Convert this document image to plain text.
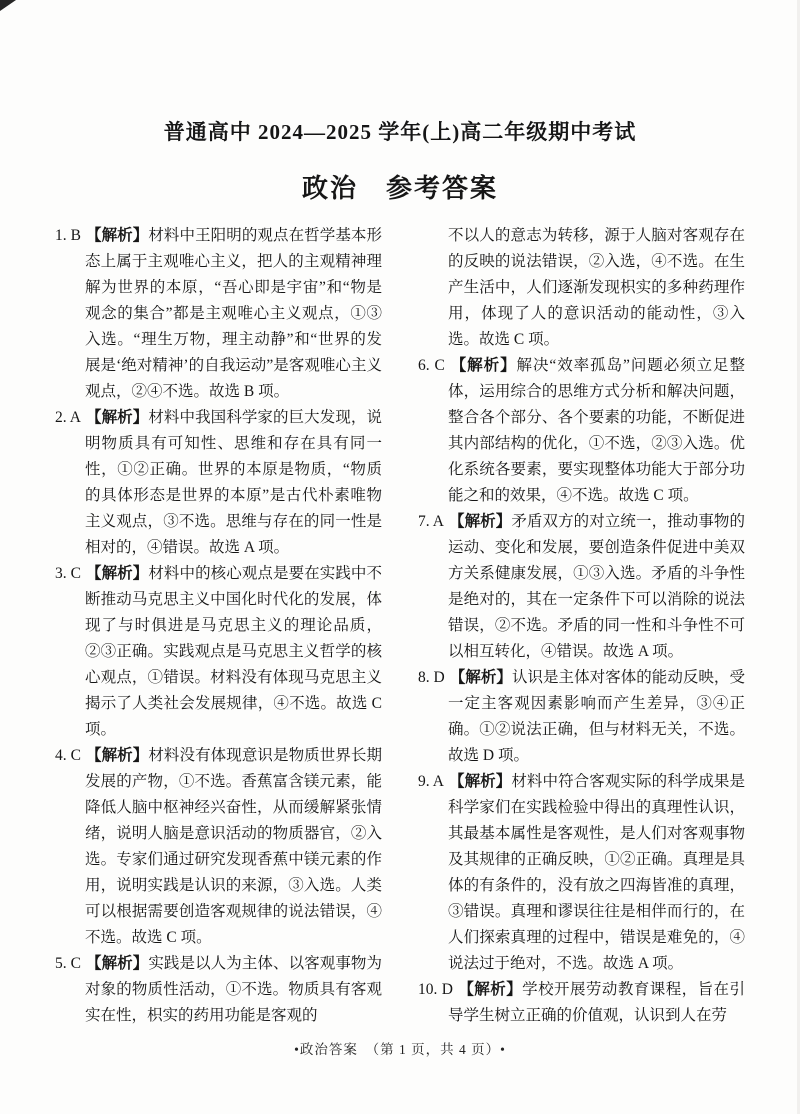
普通高中 2024—2025 学年(上)高二年级期中考试
政治　参考答案

1. B 【解析】材料中王阳明的观点在哲学基本形态上属于主观唯心主义，把人的主观精神理解为世界的本原，“吾心即是宇宙”和“物是观念的集合”都是主观唯心主义观点，①③入选。“理生万物，理主动静”和“世界的发展是‘绝对精神’的自我运动”是客观唯心主义观点，②④不选。故选 B 项。

2. A 【解析】材料中我国科学家的巨大发现，说明物质具有可知性、思维和存在具有同一性，①②正确。世界的本原是物质，“物质的具体形态是世界的本原”是古代朴素唯物主义观点，③不选。思维与存在的同一性是相对的，④错误。故选 A 项。

3. C 【解析】材料中的核心观点是要在实践中不断推动马克思主义中国化时代化的发展，体现了与时俱进是马克思主义的理论品质，②③正确。实践观点是马克思主义哲学的核心观点，①错误。材料没有体现马克思主义揭示了人类社会发展规律，④不选。故选 C 项。

4. C 【解析】材料没有体现意识是物质世界长期发展的产物，①不选。香蕉富含镁元素，能降低人脑中枢神经兴奋性，从而缓解紧张情绪，说明人脑是意识活动的物质器官，②入选。专家们通过研究发现香蕉中镁元素的作用，说明实践是认识的来源，③入选。人类可以根据需要创造客观规律的说法错误，④不选。故选 C 项。

5. C 【解析】实践是以人为主体、以客观事物为对象的物质性活动，①不选。物质具有客观实在性，枳实的药用功能是客观的

不以人的意志为转移，源于人脑对客观存在的反映的说法错误，②入选，④不选。在生产生活中，人们逐渐发现枳实的多种药理作用，体现了人的意识活动的能动性，③入选。故选 C 项。

6. C 【解析】解决“效率孤岛”问题必须立足整体，运用综合的思维方式分析和解决问题，整合各个部分、各个要素的功能，不断促进其内部结构的优化，①不选，②③入选。优化系统各要素，要实现整体功能大于部分功能之和的效果，④不选。故选 C 项。

7. A 【解析】矛盾双方的对立统一，推动事物的运动、变化和发展，要创造条件促进中美双方关系健康发展，①③入选。矛盾的斗争性是绝对的，其在一定条件下可以消除的说法错误，②不选。矛盾的同一性和斗争性不可以相互转化，④错误。故选 A 项。

8. D 【解析】认识是主体对客体的能动反映，受一定主客观因素影响而产生差异，③④正确。①②说法正确，但与材料无关，不选。故选 D 项。

9. A 【解析】材料中符合客观实际的科学成果是科学家们在实践检验中得出的真理性认识，其最基本属性是客观性，是人们对客观事物及其规律的正确反映，①②正确。真理是具体的有条件的，没有放之四海皆准的真理，③错误。真理和谬误往往是相伴而行的，在人们探索真理的过程中，错误是难免的，④说法过于绝对，不选。故选 A 项。

10. D 【解析】学校开展劳动教育课程，旨在引导学生树立正确的价值观，认识到人在劳

•政治答案　（第 1 页，共 4 页）•
